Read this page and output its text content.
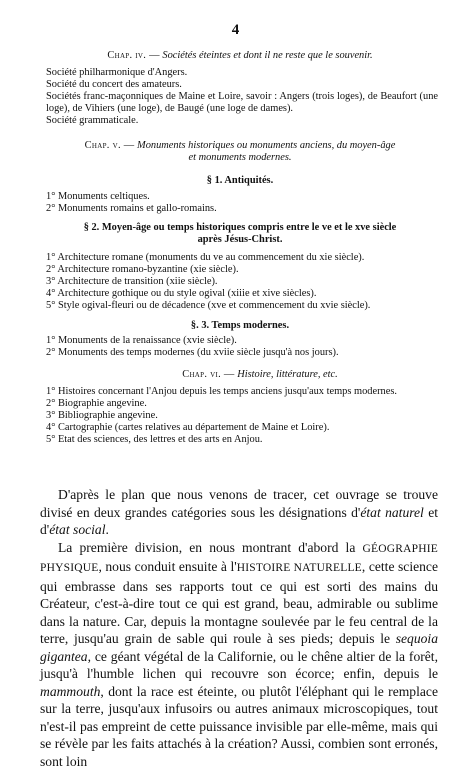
4
Chap. iv. — Sociétés éteintes et dont il ne reste que le souvenir.
Société philharmonique d'Angers.
Société du concert des amateurs.
Sociétés franc-maçonniques de Maine et Loire, savoir : Angers (trois loges), de Beaufort (une loge), de Vihiers (une loge), de Baugé (une loge de dames).
Société grammaticale.
Chap. v. — Monuments historiques ou monuments anciens, du moyen-âge
et monuments modernes.
§ 1. Antiquités.
1° Monuments celtiques.
2° Monuments romains et gallo-romains.
§ 2. Moyen-âge ou temps historiques compris entre le ve et le xve siècle
après Jésus-Christ.
1° Architecture romane (monuments du ve au commencement du xie siècle).
2° Architecture romano-byzantine (xie siècle).
3° Architecture de transition (xiie siècle).
4° Architecture gothique ou du style ogival (xiiie et xive siècles).
5° Style ogival-fleuri ou de décadence (xve et commencement du xvie siècle).
§. 3. Temps modernes.
1° Monuments de la renaissance (xvie siècle).
2° Monuments des temps modernes (du xviie siècle jusqu'à nos jours).
Chap. vi. — Histoire, littérature, etc.
1° Histoires concernant l'Anjou depuis les temps anciens jusqu'aux temps modernes.
2° Biographie angevine.
3° Bibliographie angevine.
4° Cartographie (cartes relatives au département de Maine et Loire).
5° Etat des sciences, des lettres et des arts en Anjou.

D'après le plan que nous venons de tracer, cet ouvrage se trouve divisé en deux grandes catégories sous les désignations d'état naturel et d'état social.

La première division, en nous montrant d'abord la GÉOGRAPHIE PHYSIQUE, nous conduit ensuite à l'HISTOIRE NATURELLE, cette science qui embrasse dans ses rapports tout ce qui est sorti des mains du Créateur, c'est-à-dire tout ce qui est grand, beau, admirable ou sublime dans la nature. Car, depuis la montagne soulevée par le feu central de la terre, jusqu'au grain de sable qui roule à ses pieds; depuis le sequoia gigantea, ce géant végétal de la Californie, ou le chêne altier de la forêt, jusqu'à l'humble lichen qui recouvre son écorce; enfin, depuis le mammouth, dont la race est éteinte, ou plutôt l'éléphant qui le remplace sur la terre, jusqu'aux infusoirs ou autres animaux microscopiques, tout n'est-il pas empreint de cette puissance invisible par elle-même, mais qui se révèle par les faits attachés à la création? Aussi, combien sont erronés, sont loin
